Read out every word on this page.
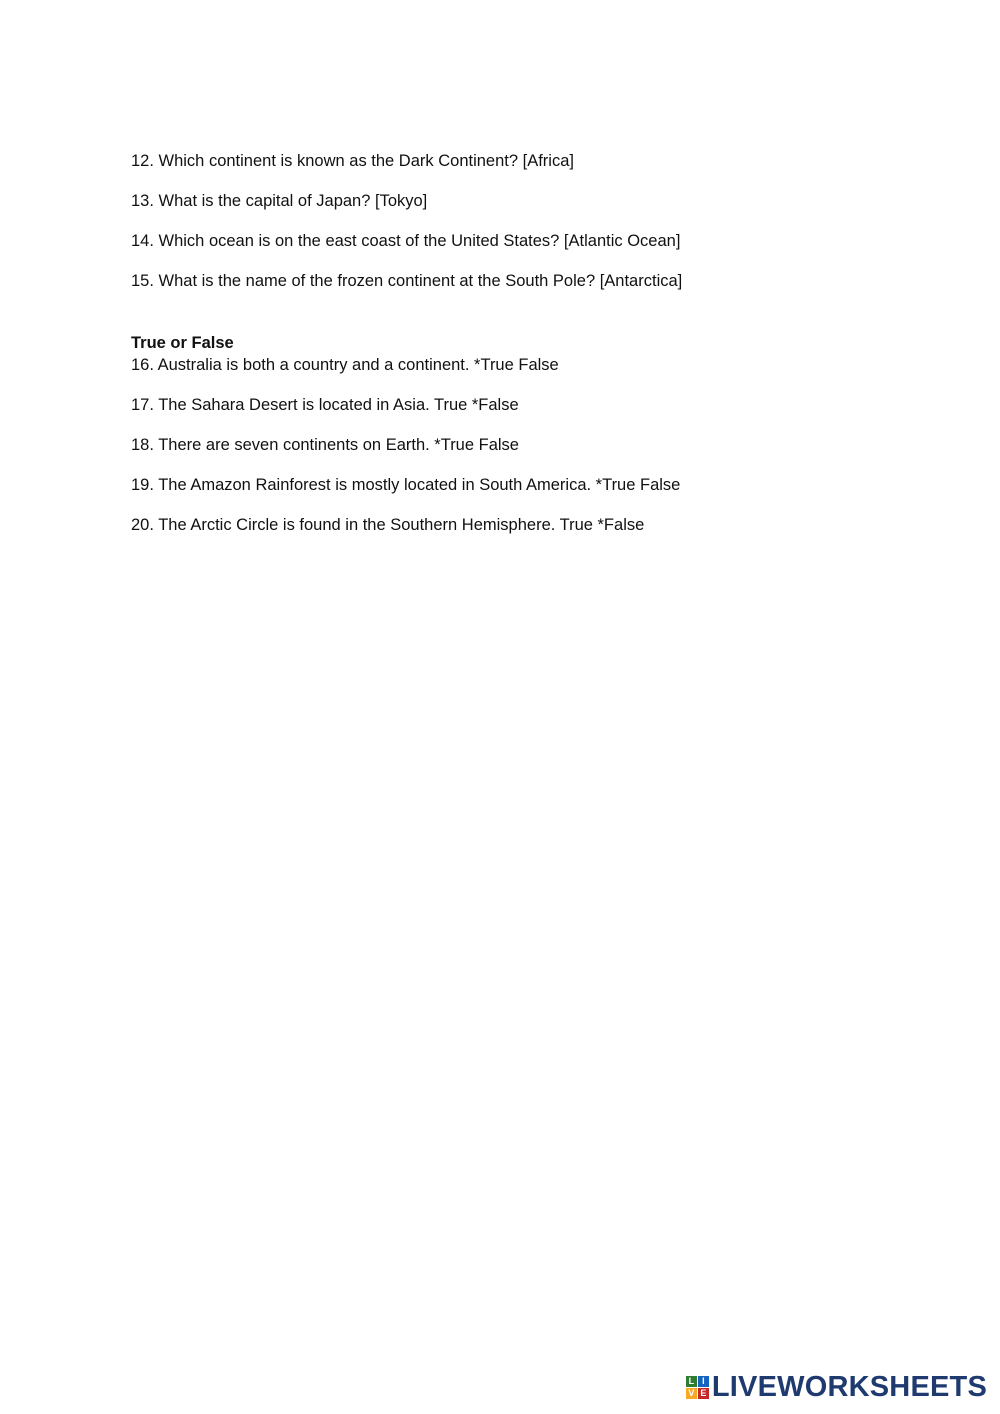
12. Which continent is known as the Dark Continent? [Africa]

13. What is the capital of Japan? [Tokyo]

14. Which ocean is on the east coast of the United States? [Atlantic Ocean]

15. What is the name of the frozen continent at the South Pole? [Antarctica]

True or False

16. Australia is both a country and a continent. *True False

17. The Sahara Desert is located in Asia. True *False

18. There are seven continents on Earth. *True False

19. The Amazon Rainforest is mostly located in South America. *True False

20. The Arctic Circle is found in the Southern Hemisphere. True *False

L I
V E LIVEWORKSHEETS
